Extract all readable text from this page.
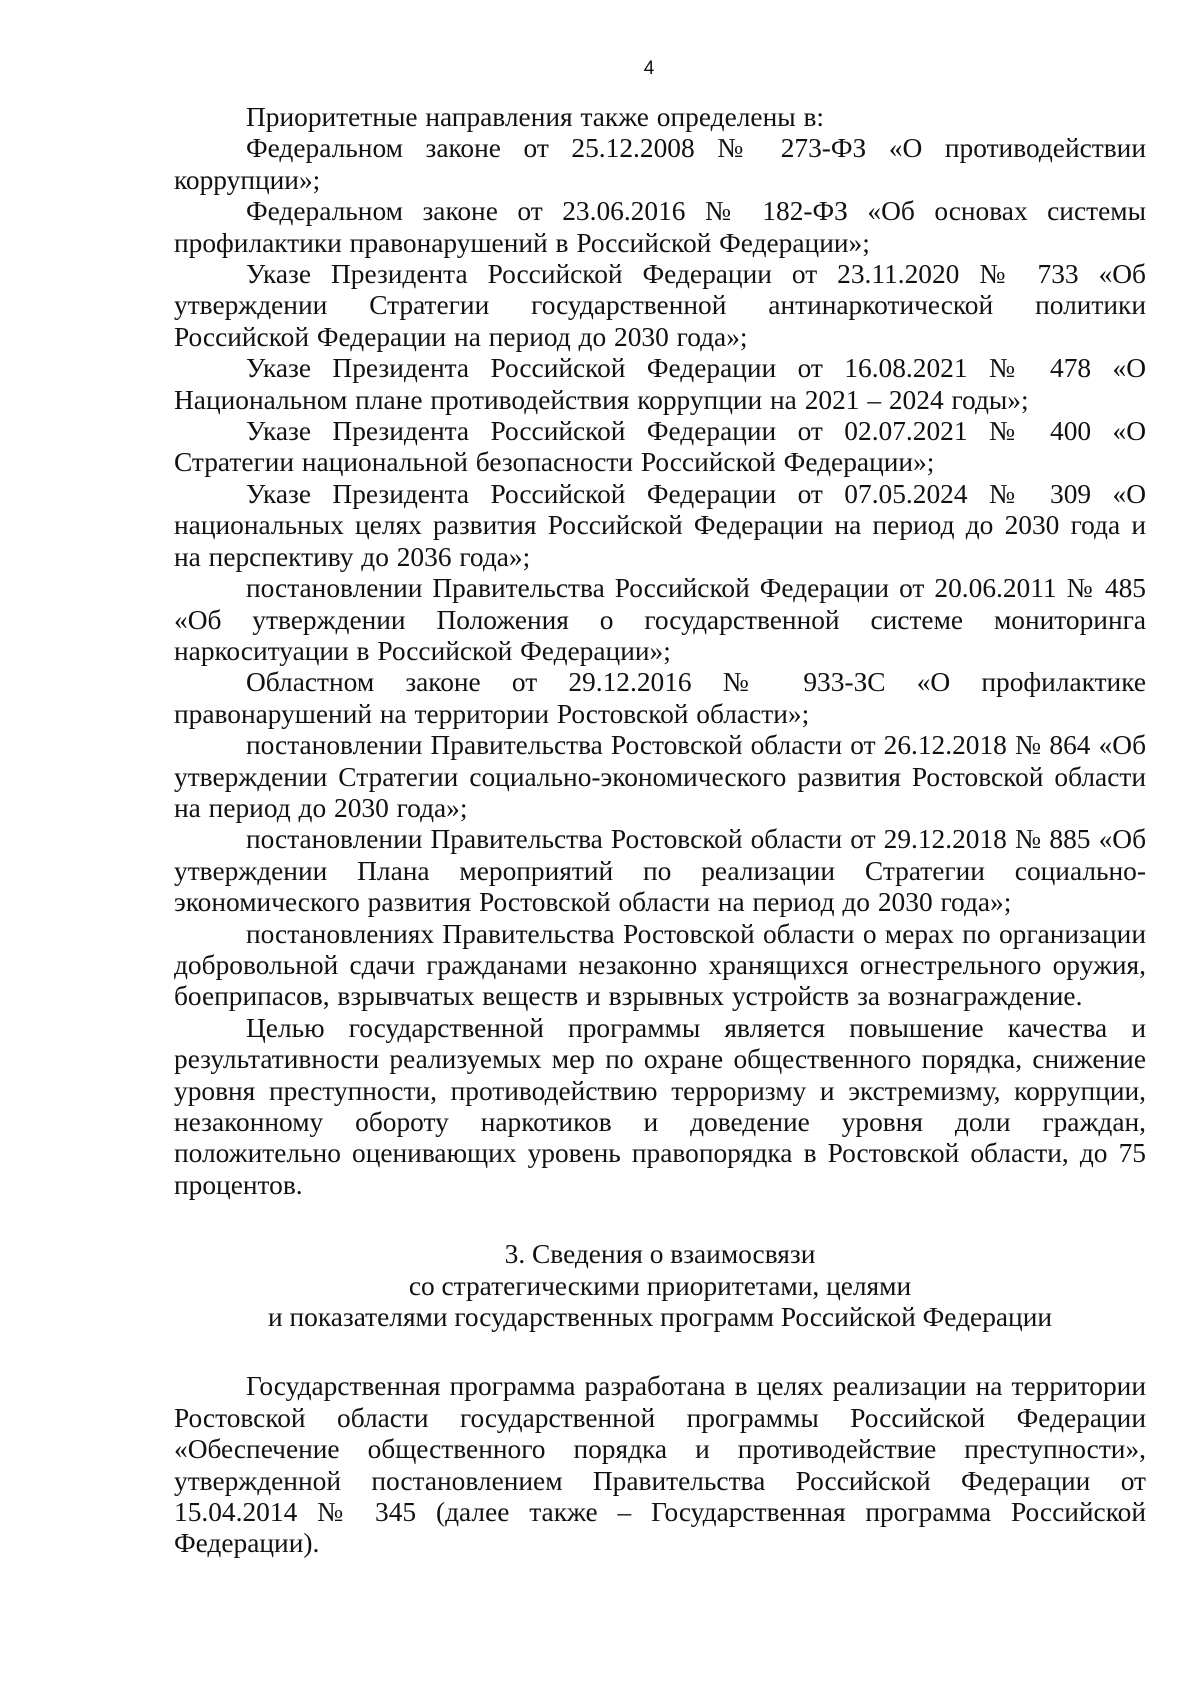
4

Приоритетные направления также определены в:

Федеральном законе от 25.12.2008 № 273-ФЗ «О противодействии коррупции»;

Федеральном законе от 23.06.2016 № 182-ФЗ «Об основах системы профилактики правонарушений в Российской Федерации»;

Указе Президента Российской Федерации от 23.11.2020 № 733 «Об утверждении Стратегии государственной антинаркотической политики Российской Федерации на период до 2030 года»;

Указе Президента Российской Федерации от 16.08.2021 № 478 «О Национальном плане противодействия коррупции на 2021 – 2024 годы»;

Указе Президента Российской Федерации от 02.07.2021 № 400 «О Стратегии национальной безопасности Российской Федерации»;

Указе Президента Российской Федерации от 07.05.2024 № 309 «О национальных целях развития Российской Федерации на период до 2030 года и на перспективу до 2036 года»;

постановлении Правительства Российской Федерации от 20.06.2011 № 485 «Об утверждении Положения о государственной системе мониторинга наркоситуации в Российской Федерации»;

Областном законе от 29.12.2016 № 933-ЗС «О профилактике правонарушений на территории Ростовской области»;

постановлении Правительства Ростовской области от 26.12.2018 № 864 «Об утверждении Стратегии социально-экономического развития Ростовской области на период до 2030 года»;

постановлении Правительства Ростовской области от 29.12.2018 № 885 «Об утверждении Плана мероприятий по реализации Стратегии социально-экономического развития Ростовской области на период до 2030 года»;

постановлениях Правительства Ростовской области о мерах по организации добровольной сдачи гражданами незаконно хранящихся огнестрельного оружия, боеприпасов, взрывчатых веществ и взрывных устройств за вознаграждение.

Целью государственной программы является повышение качества и результативности реализуемых мер по охране общественного порядка, снижение уровня преступности, противодействию терроризму и экстремизму, коррупции, незаконному обороту наркотиков и доведение уровня доли граждан, положительно оценивающих уровень правопорядка в Ростовской области, до 75 процентов.

3. Сведения о взаимосвязи

со стратегическими приоритетами, целями

и показателями государственных программ Российской Федерации

Государственная программа разработана в целях реализации на территории Ростовской области государственной программы Российской Федерации «Обеспечение общественного порядка и противодействие преступности», утвержденной постановлением Правительства Российской Федерации от 15.04.2014 № 345 (далее также – Государственная программа Российской Федерации).
